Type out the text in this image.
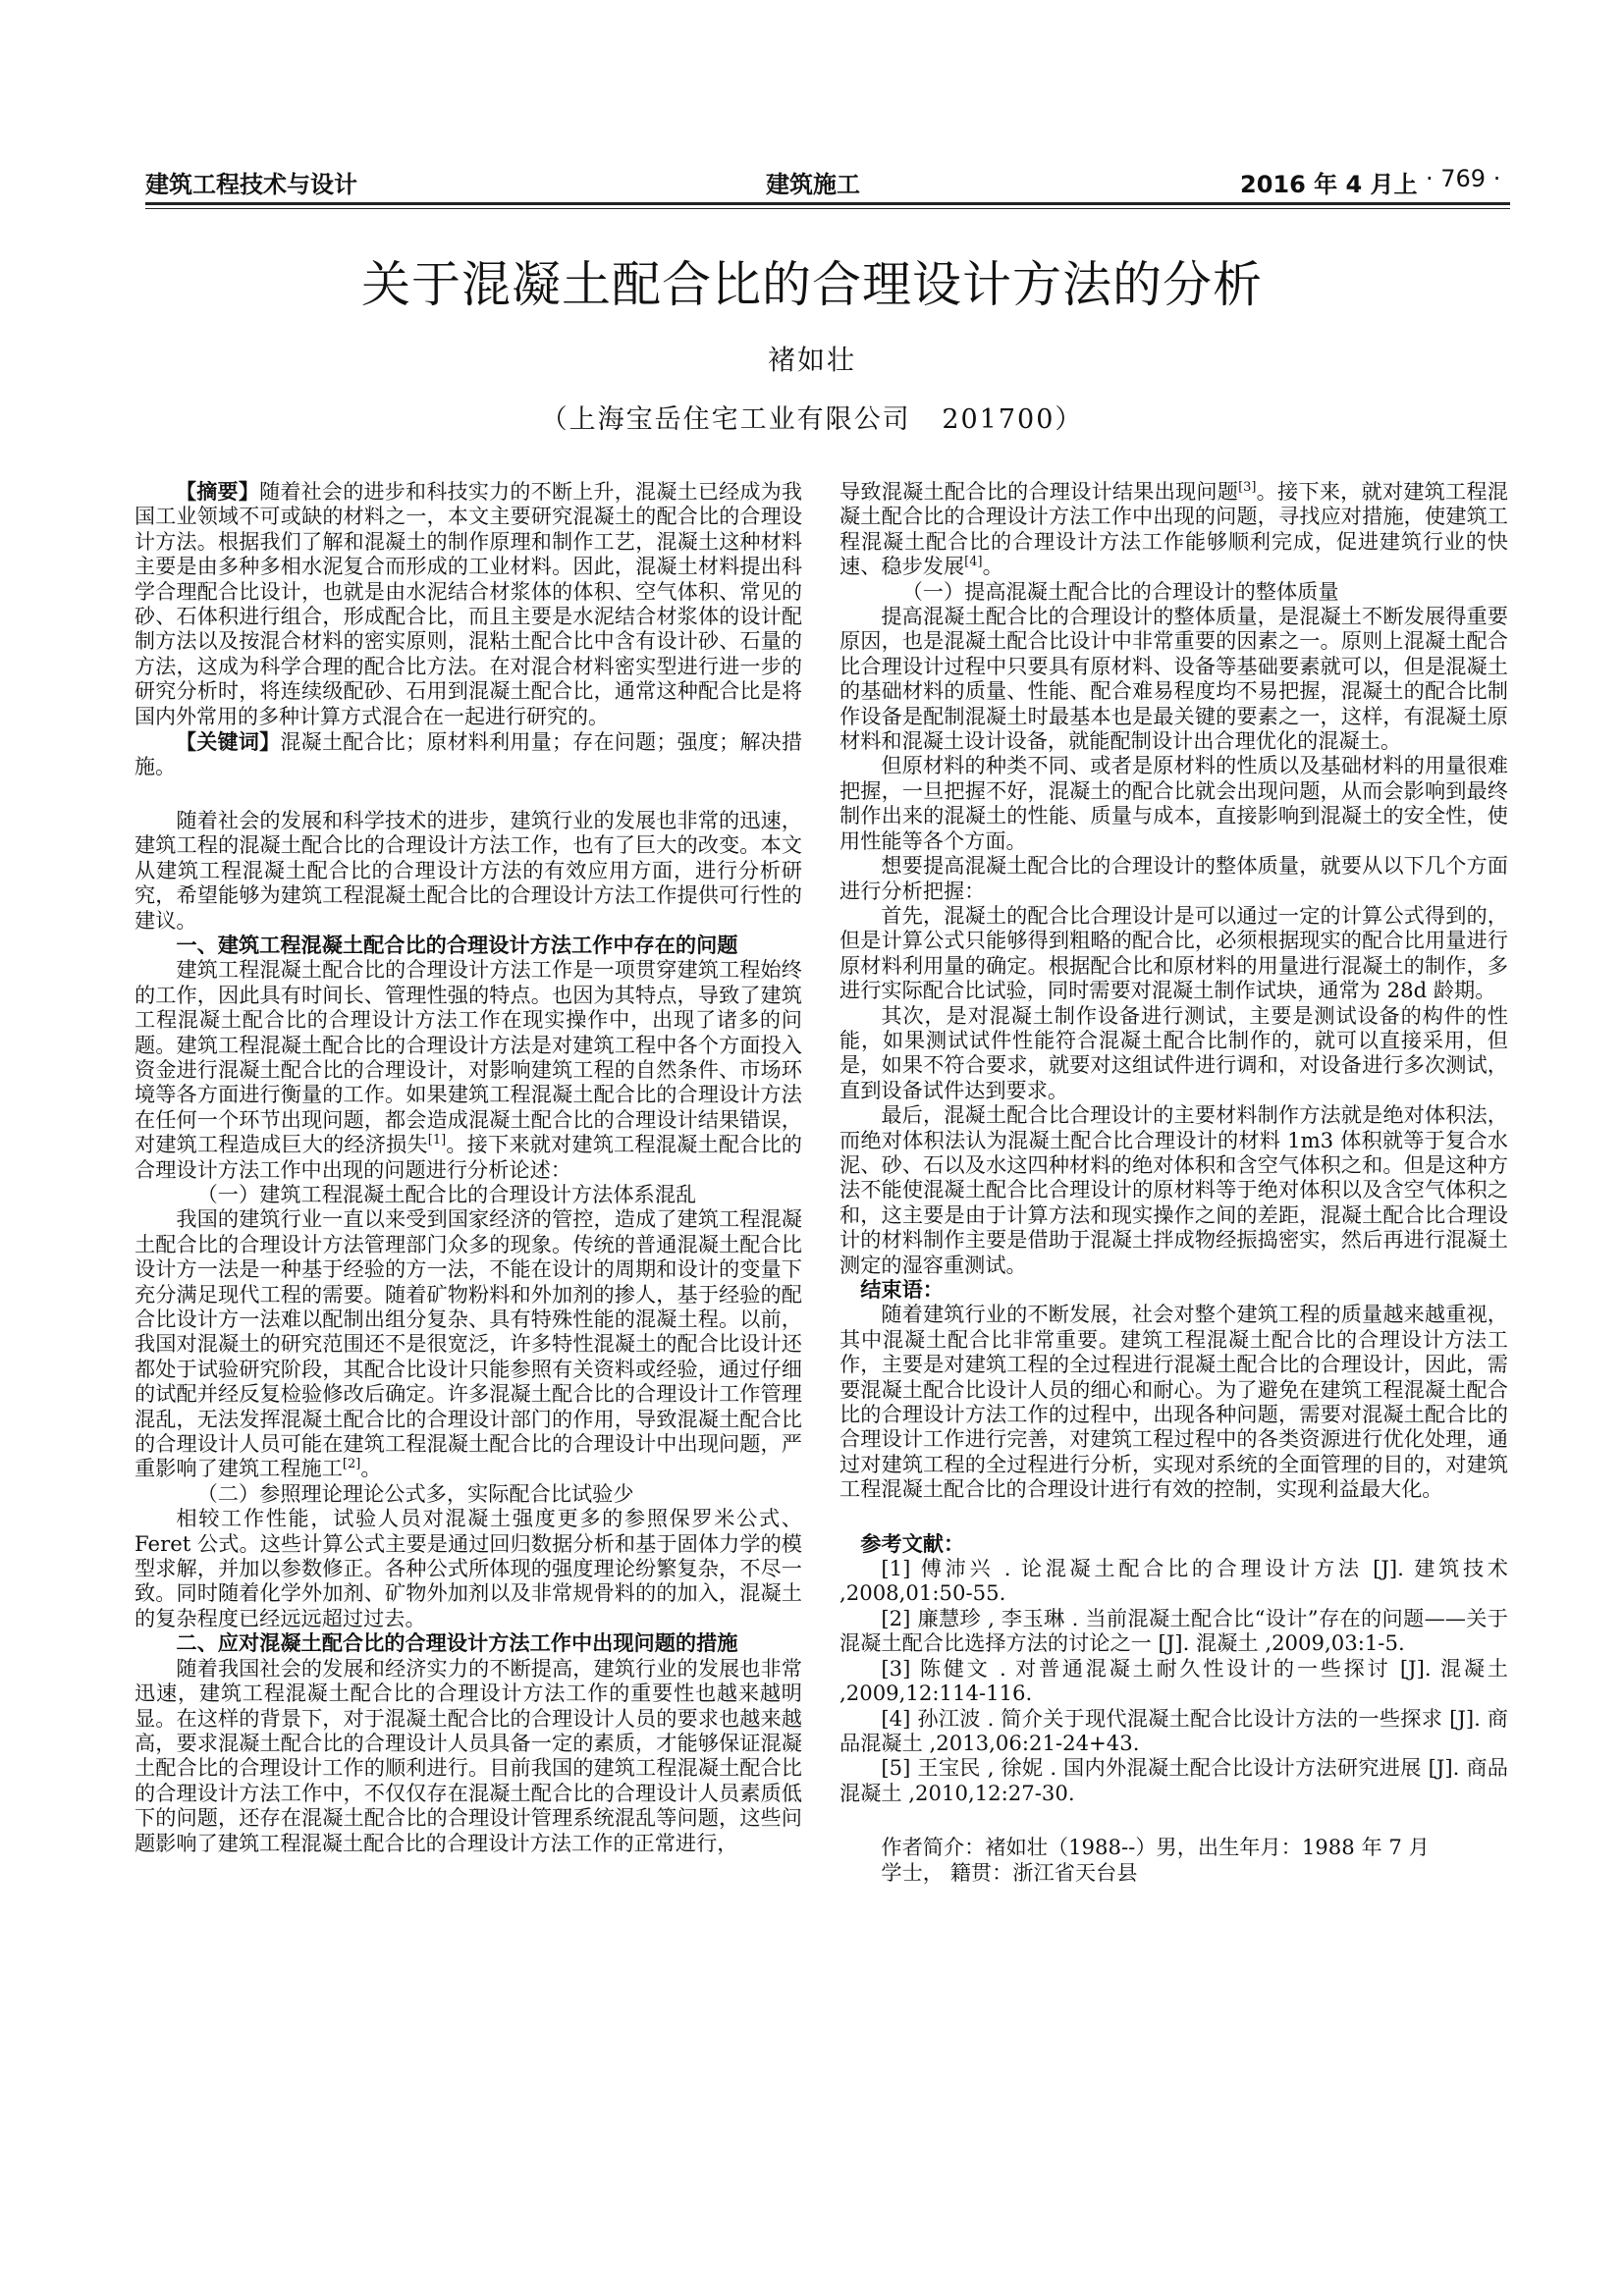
建筑工程技术与设计	建筑施工	2016 年 4 月上 · 769 ·
关于混凝土配合比的合理设计方法的分析
褚如壮
（上海宝岳住宅工业有限公司   201700）

【摘要】随着社会的进步和科技实力的不断上升，混凝土已经成为我国工业领域不可或缺的材料之一，本文主要研究混凝土的配合比的合理设计方法。根据我们了解和混凝土的制作原理和制作工艺，混凝土这种材料主要是由多种多相水泥复合而形成的工业材料。因此，混凝土材料提出科学合理配合比设计，也就是由水泥结合材浆体的体积、空气体积、常见的砂、石体积进行组合，形成配合比，而且主要是水泥结合材浆体的设计配制方法以及按混合材料的密实原则，混粘土配合比中含有设计砂、石量的方法，这成为科学合理的配合比方法。在对混合材料密实型进行进一步的研究分析时，将连续级配砂、石用到混凝土配合比，通常这种配合比是将国内外常用的多种计算方式混合在一起进行研究的。

【关键词】混凝土配合比；原材料利用量；存在问题；强度；解决措施。

随着社会的发展和科学技术的进步，建筑行业的发展也非常的迅速，建筑工程的混凝土配合比的合理设计方法工作，也有了巨大的改变。本文从建筑工程混凝土配合比的合理设计方法的有效应用方面，进行分析研究，希望能够为建筑工程混凝土配合比的合理设计方法工作提供可行性的建议。

一、建筑工程混凝土配合比的合理设计方法工作中存在的问题

建筑工程混凝土配合比的合理设计方法工作是一项贯穿建筑工程始终的工作，因此具有时间长、管理性强的特点。也因为其特点，导致了建筑工程混凝土配合比的合理设计方法工作在现实操作中，出现了诸多的问题。建筑工程混凝土配合比的合理设计方法是对建筑工程中各个方面投入资金进行混凝土配合比的合理设计，对影响建筑工程的自然条件、市场环境等各方面进行衡量的工作。如果建筑工程混凝土配合比的合理设计方法在任何一个环节出现问题，都会造成混凝土配合比的合理设计结果错误，对建筑工程造成巨大的经济损失[1]。接下来就对建筑工程混凝土配合比的合理设计方法工作中出现的问题进行分析论述：

（一）建筑工程混凝土配合比的合理设计方法体系混乱

我国的建筑行业一直以来受到国家经济的管控，造成了建筑工程混凝土配合比的合理设计方法管理部门众多的现象。传统的普通混凝土配合比设计方一法是一种基于经验的方一法，不能在设计的周期和设计的变量下充分满足现代工程的需要。随着矿物粉料和外加剂的掺人，基于经验的配合比设计方一法难以配制出组分复杂、具有特殊性能的混凝土程。以前，我国对混凝土的研究范围还不是很宽泛，许多特性混凝土的配合比设计还都处于试验研究阶段，其配合比设计只能参照有关资料或经验，通过仔细的试配并经反复检验修改后确定。许多混凝土配合比的合理设计工作管理混乱，无法发挥混凝土配合比的合理设计部门的作用，导致混凝土配合比的合理设计人员可能在建筑工程混凝土配合比的合理设计中出现问题，严重影响了建筑工程施工[2]。

（二）参照理论理论公式多，实际配合比试验少

相较工作性能，试验人员对混凝土强度更多的参照保罗米公式、Feret 公式。这些计算公式主要是通过回归数据分析和基于固体力学的模型求解，并加以参数修正。各种公式所体现的强度理论纷繁复杂，不尽一致。同时随着化学外加剂、矿物外加剂以及非常规骨料的的加入，混凝土的复杂程度已经远远超过过去。

二、应对混凝土配合比的合理设计方法工作中出现问题的措施

随着我国社会的发展和经济实力的不断提高，建筑行业的发展也非常迅速，建筑工程混凝土配合比的合理设计方法工作的重要性也越来越明显。在这样的背景下，对于混凝土配合比的合理设计人员的要求也越来越高，要求混凝土配合比的合理设计人员具备一定的素质，才能够保证混凝土配合比的合理设计工作的顺利进行。目前我国的建筑工程混凝土配合比的合理设计方法工作中，不仅仅存在混凝土配合比的合理设计人员素质低下的问题，还存在混凝土配合比的合理设计管理系统混乱等问题，这些问题影响了建筑工程混凝土配合比的合理设计方法工作的正常进行，

导致混凝土配合比的合理设计结果出现问题[3]。接下来，就对建筑工程混凝土配合比的合理设计方法工作中出现的问题，寻找应对措施，使建筑工程混凝土配合比的合理设计方法工作能够顺利完成，促进建筑行业的快速、稳步发展[4]。

（一）提高混凝土配合比的合理设计的整体质量

提高混凝土配合比的合理设计的整体质量，是混凝土不断发展得重要原因，也是混凝土配合比设计中非常重要的因素之一。原则上混凝土配合比合理设计过程中只要具有原材料、设备等基础要素就可以，但是混凝土的基础材料的质量、性能、配合难易程度均不易把握，混凝土的配合比制作设备是配制混凝土时最基本也是最关键的要素之一，这样，有混凝土原材料和混凝土设计设备，就能配制设计出合理优化的混凝土。

但原材料的种类不同、或者是原材料的性质以及基础材料的用量很难把握，一旦把握不好，混凝土的配合比就会出现问题，从而会影响到最终制作出来的混凝土的性能、质量与成本，直接影响到混凝土的安全性，使用性能等各个方面。

想要提高混凝土配合比的合理设计的整体质量，就要从以下几个方面进行分析把握：

首先，混凝土的配合比合理设计是可以通过一定的计算公式得到的，但是计算公式只能够得到粗略的配合比，必须根据现实的配合比用量进行原材料利用量的确定。根据配合比和原材料的用量进行混凝土的制作，多进行实际配合比试验，同时需要对混凝土制作试块，通常为 28d 龄期。

其次，是对混凝土制作设备进行测试，主要是测试设备的构件的性能，如果测试试件性能符合混凝土配合比制作的，就可以直接采用，但是，如果不符合要求，就要对这组试件进行调和，对设备进行多次测试，直到设备试件达到要求。

最后，混凝土配合比合理设计的主要材料制作方法就是绝对体积法，而绝对体积法认为混凝土配合比合理设计的材料 1m3 体积就等于复合水泥、砂、石以及水这四种材料的绝对体积和含空气体积之和。但是这种方法不能使混凝土配合比合理设计的原材料等于绝对体积以及含空气体积之和，这主要是由于计算方法和现实操作之间的差距，混凝土配合比合理设计的材料制作主要是借助于混凝土拌成物经振捣密实，然后再进行混凝土测定的湿容重测试。

结束语：

随着建筑行业的不断发展，社会对整个建筑工程的质量越来越重视，其中混凝土配合比非常重要。建筑工程混凝土配合比的合理设计方法工作，主要是对建筑工程的全过程进行混凝土配合比的合理设计，因此，需要混凝土配合比设计人员的细心和耐心。为了避免在建筑工程混凝土配合比的合理设计方法工作的过程中，出现各种问题，需要对混凝土配合比的合理设计工作进行完善，对建筑工程过程中的各类资源进行优化处理，通过对建筑工程的全过程进行分析，实现对系统的全面管理的目的，对建筑工程混凝土配合比的合理设计进行有效的控制，实现利益最大化。

参考文献：

[1] 傅沛兴 . 论混凝土配合比的合理设计方法 [J]. 建筑技术 ,2008,01:50-55.

[2] 廉慧珍 , 李玉琳 . 当前混凝土配合比“设计”存在的问题——关于混凝土配合比选择方法的讨论之一 [J]. 混凝土 ,2009,03:1-5.

[3] 陈健文 . 对普通混凝土耐久性设计的一些探讨 [J]. 混凝土 ,2009,12:114-116.

[4] 孙江波 . 简介关于现代混凝土配合比设计方法的一些探求 [J]. 商品混凝土 ,2013,06:21-24+43.

[5] 王宝民 , 徐妮 . 国内外混凝土配合比设计方法研究进展 [J]. 商品混凝土 ,2010,12:27-30.

作者简介：褚如壮（1988--）男，出生年月：1988 年 7 月

学士， 籍贯：浙江省天台县
